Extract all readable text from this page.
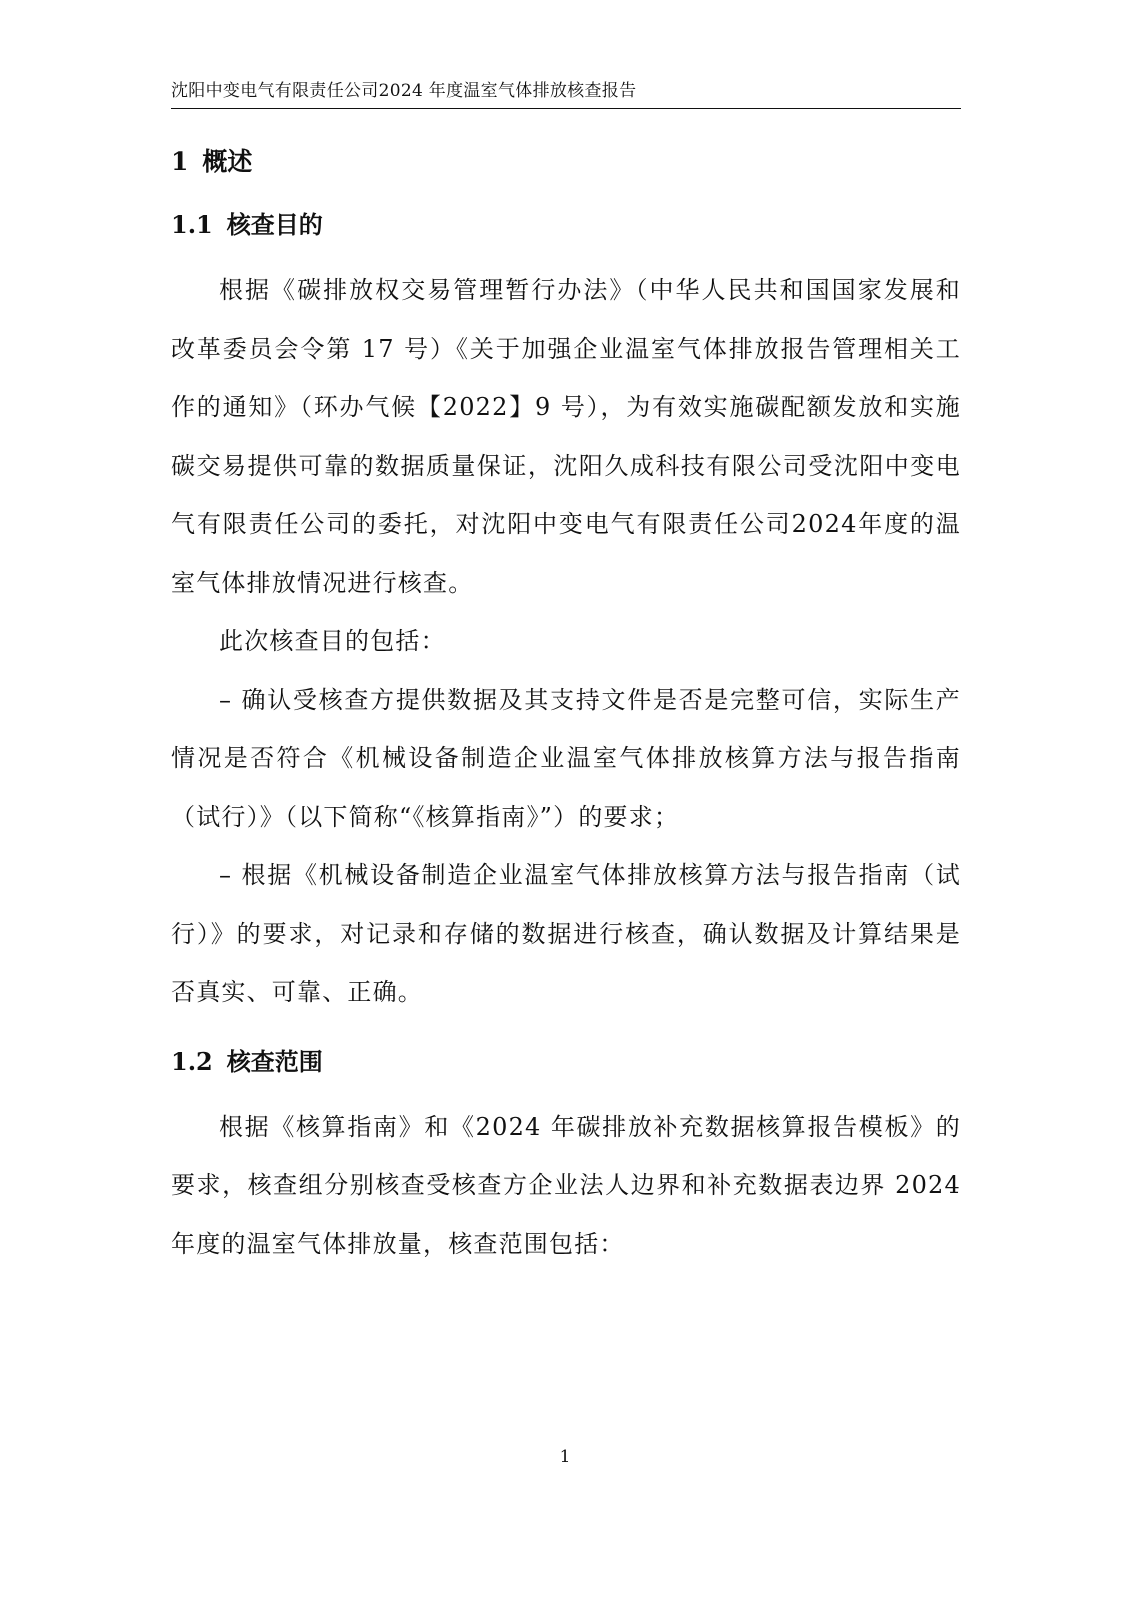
沈阳中变电气有限责任公司2024 年度温室气体排放核查报告
1 概述
1.1 核查目的

根据《碳排放权交易管理暂行办法》（中华人民共和国国家发展和改革委员会令第 17 号）《关于加强企业温室气体排放报告管理相关工作的通知》（环办气候【2022】9 号），为有效实施碳配额发放和实施碳交易提供可靠的数据质量保证，沈阳久成科技有限公司受沈阳中变电气有限责任公司的委托，对沈阳中变电气有限责任公司2024年度的温室气体排放情况进行核查。

此次核查目的包括：

– 确认受核查方提供数据及其支持文件是否是完整可信，实际生产情况是否符合《机械设备制造企业温室气体排放核算方法与报告指南（试行）》（以下简称“《核算指南》”）的要求；

– 根据《机械设备制造企业温室气体排放核算方法与报告指南（试行）》的要求，对记录和存储的数据进行核查，确认数据及计算结果是否真实、可靠、正确。

1.2 核查范围

根据《核算指南》和《2024 年碳排放补充数据核算报告模板》的要求，核查组分别核查受核查方企业法人边界和补充数据表边界 2024 年度的温室气体排放量，核查范围包括：

1
